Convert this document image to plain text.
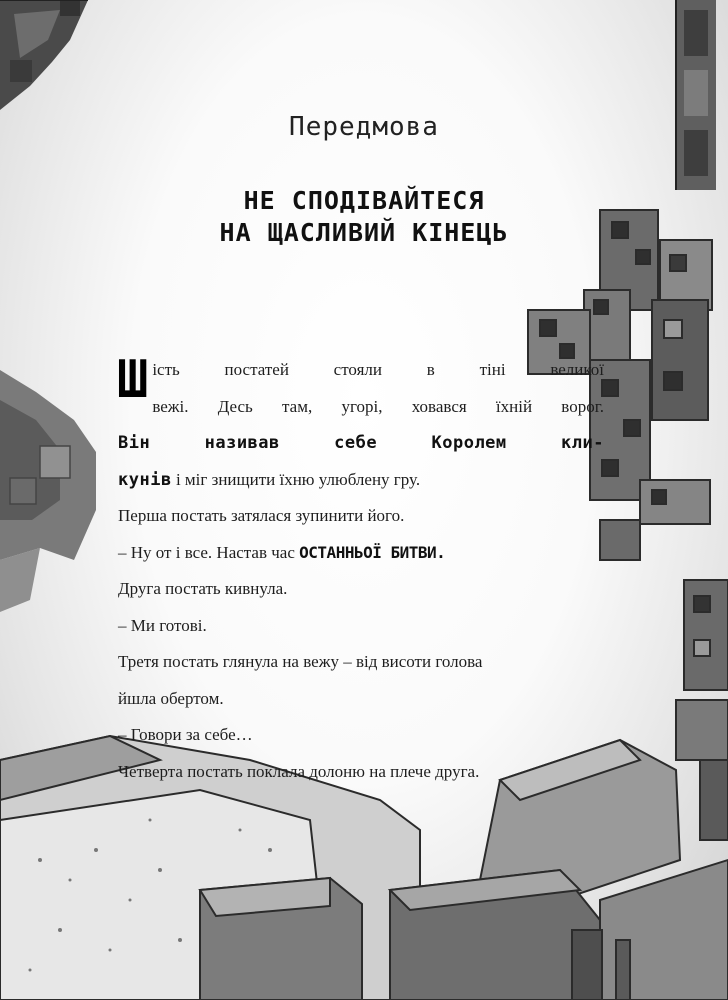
Передмова
НЕ СПОДІВАЙТЕСЯ
НА ЩАСЛИВИЙ КІНЕЦЬ

Шість постатей стояли в тіні великої

вежі. Десь там, угорі, ховався їхній ворог.

Він називав себе Королем кли-

кунів і міг знищити їхню улюблену гру.

Перша постать затялася зупинити його.

– Ну от і все. Настав час ОСТАННЬОЇ БИТВИ.

Друга постать кивнула.

– Ми готові.

Третя постать глянула на вежу – від висоти голова

йшла обертом.

– Говори за себе…

Четверта постать поклала долоню на плече друга.
